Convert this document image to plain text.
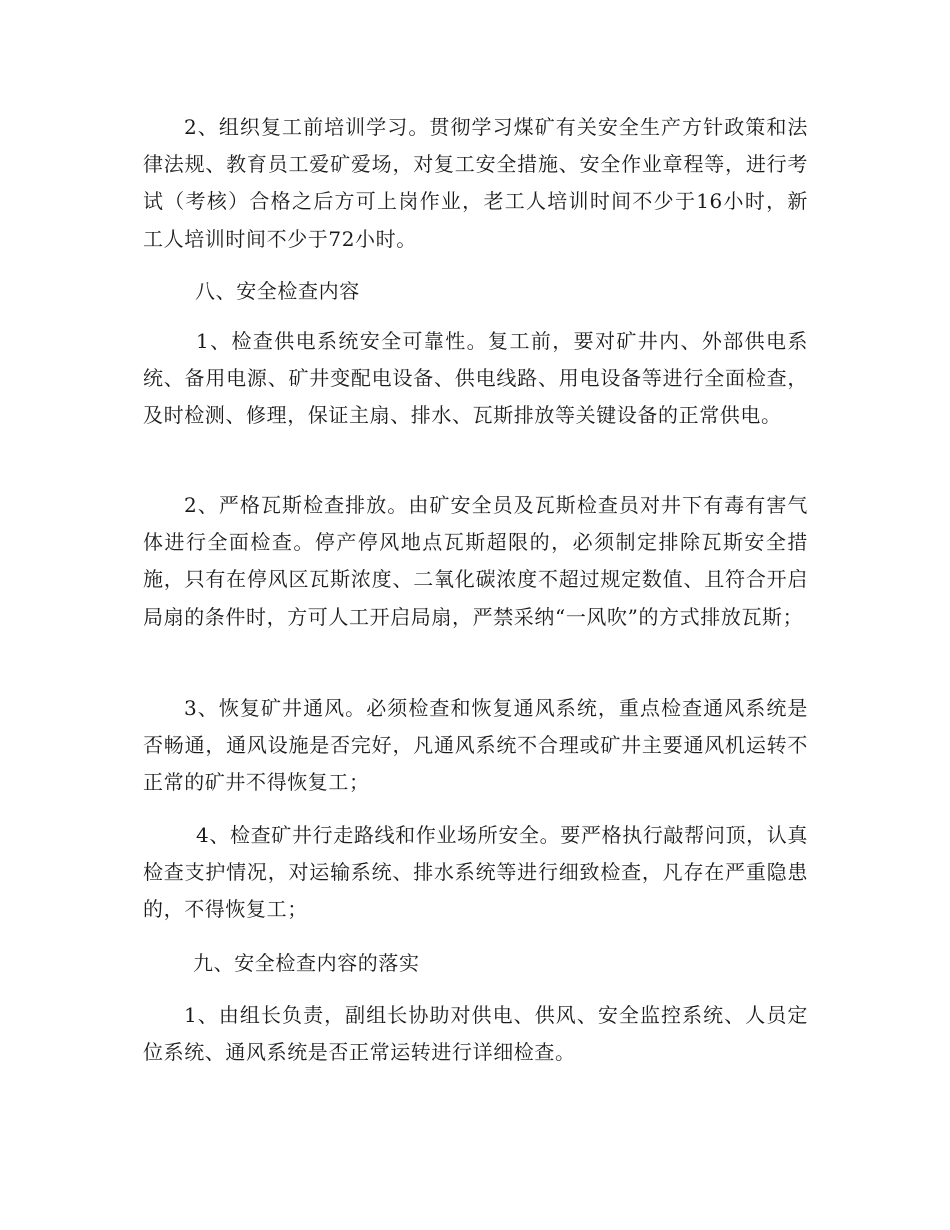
2、组织复工前培训学习。贯彻学习煤矿有关安全生产方针政策和法律法规、教育员工爱矿爱场，对复工安全措施、安全作业章程等，进行考试（考核）合格之后方可上岗作业，老工人培训时间不少于16小时，新工人培训时间不少于72小时。

八、安全检查内容

1、检查供电系统安全可靠性。复工前，要对矿井内、外部供电系统、备用电源、矿井变配电设备、供电线路、用电设备等进行全面检查，及时检测、修理，保证主扇、排水、瓦斯排放等关键设备的正常供电。

2、严格瓦斯检查排放。由矿安全员及瓦斯检查员对井下有毒有害气体进行全面检查。停产停风地点瓦斯超限的，必须制定排除瓦斯安全措施，只有在停风区瓦斯浓度、二氧化碳浓度不超过规定数值、且符合开启局扇的条件时，方可人工开启局扇，严禁采纳“一风吹”的方式排放瓦斯；

3、恢复矿井通风。必须检查和恢复通风系统，重点检查通风系统是否畅通，通风设施是否完好，凡通风系统不合理或矿井主要通风机运转不正常的矿井不得恢复工；

4、检查矿井行走路线和作业场所安全。要严格执行敲帮问顶，认真检查支护情况，对运输系统、排水系统等进行细致检查，凡存在严重隐患的，不得恢复工；

九、安全检查内容的落实

1、由组长负责，副组长协助对供电、供风、安全监控系统、人员定位系统、通风系统是否正常运转进行详细检查。
